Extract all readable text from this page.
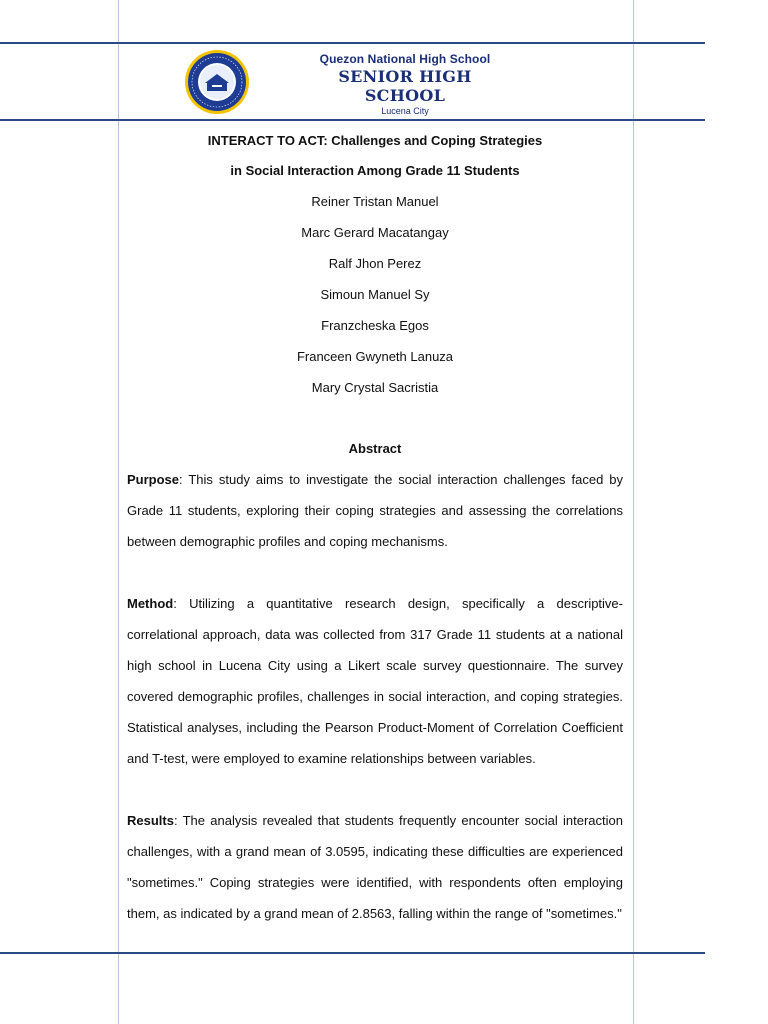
Quezon National High School
SENIOR HIGH SCHOOL
Lucena City
INTERACT TO ACT: Challenges and Coping Strategies
in Social Interaction Among Grade 11 Students
Reiner Tristan Manuel
Marc Gerard Macatangay
Ralf Jhon Perez
Simoun Manuel Sy
Franzcheska Egos
Franceen Gwyneth Lanuza
Mary Crystal Sacristia
Abstract

Purpose: This study aims to investigate the social interaction challenges faced by Grade 11 students, exploring their coping strategies and assessing the correlations between demographic profiles and coping mechanisms.

Method: Utilizing a quantitative research design, specifically a descriptive-correlational approach, data was collected from 317 Grade 11 students at a national high school in Lucena City using a Likert scale survey questionnaire. The survey covered demographic profiles, challenges in social interaction, and coping strategies. Statistical analyses, including the Pearson Product-Moment of Correlation Coefficient and T-test, were employed to examine relationships between variables.

Results: The analysis revealed that students frequently encounter social interaction challenges, with a grand mean of 3.0595, indicating these difficulties are experienced "sometimes." Coping strategies were identified, with respondents often employing them, as indicated by a grand mean of 2.8563, falling within the range of "sometimes."
